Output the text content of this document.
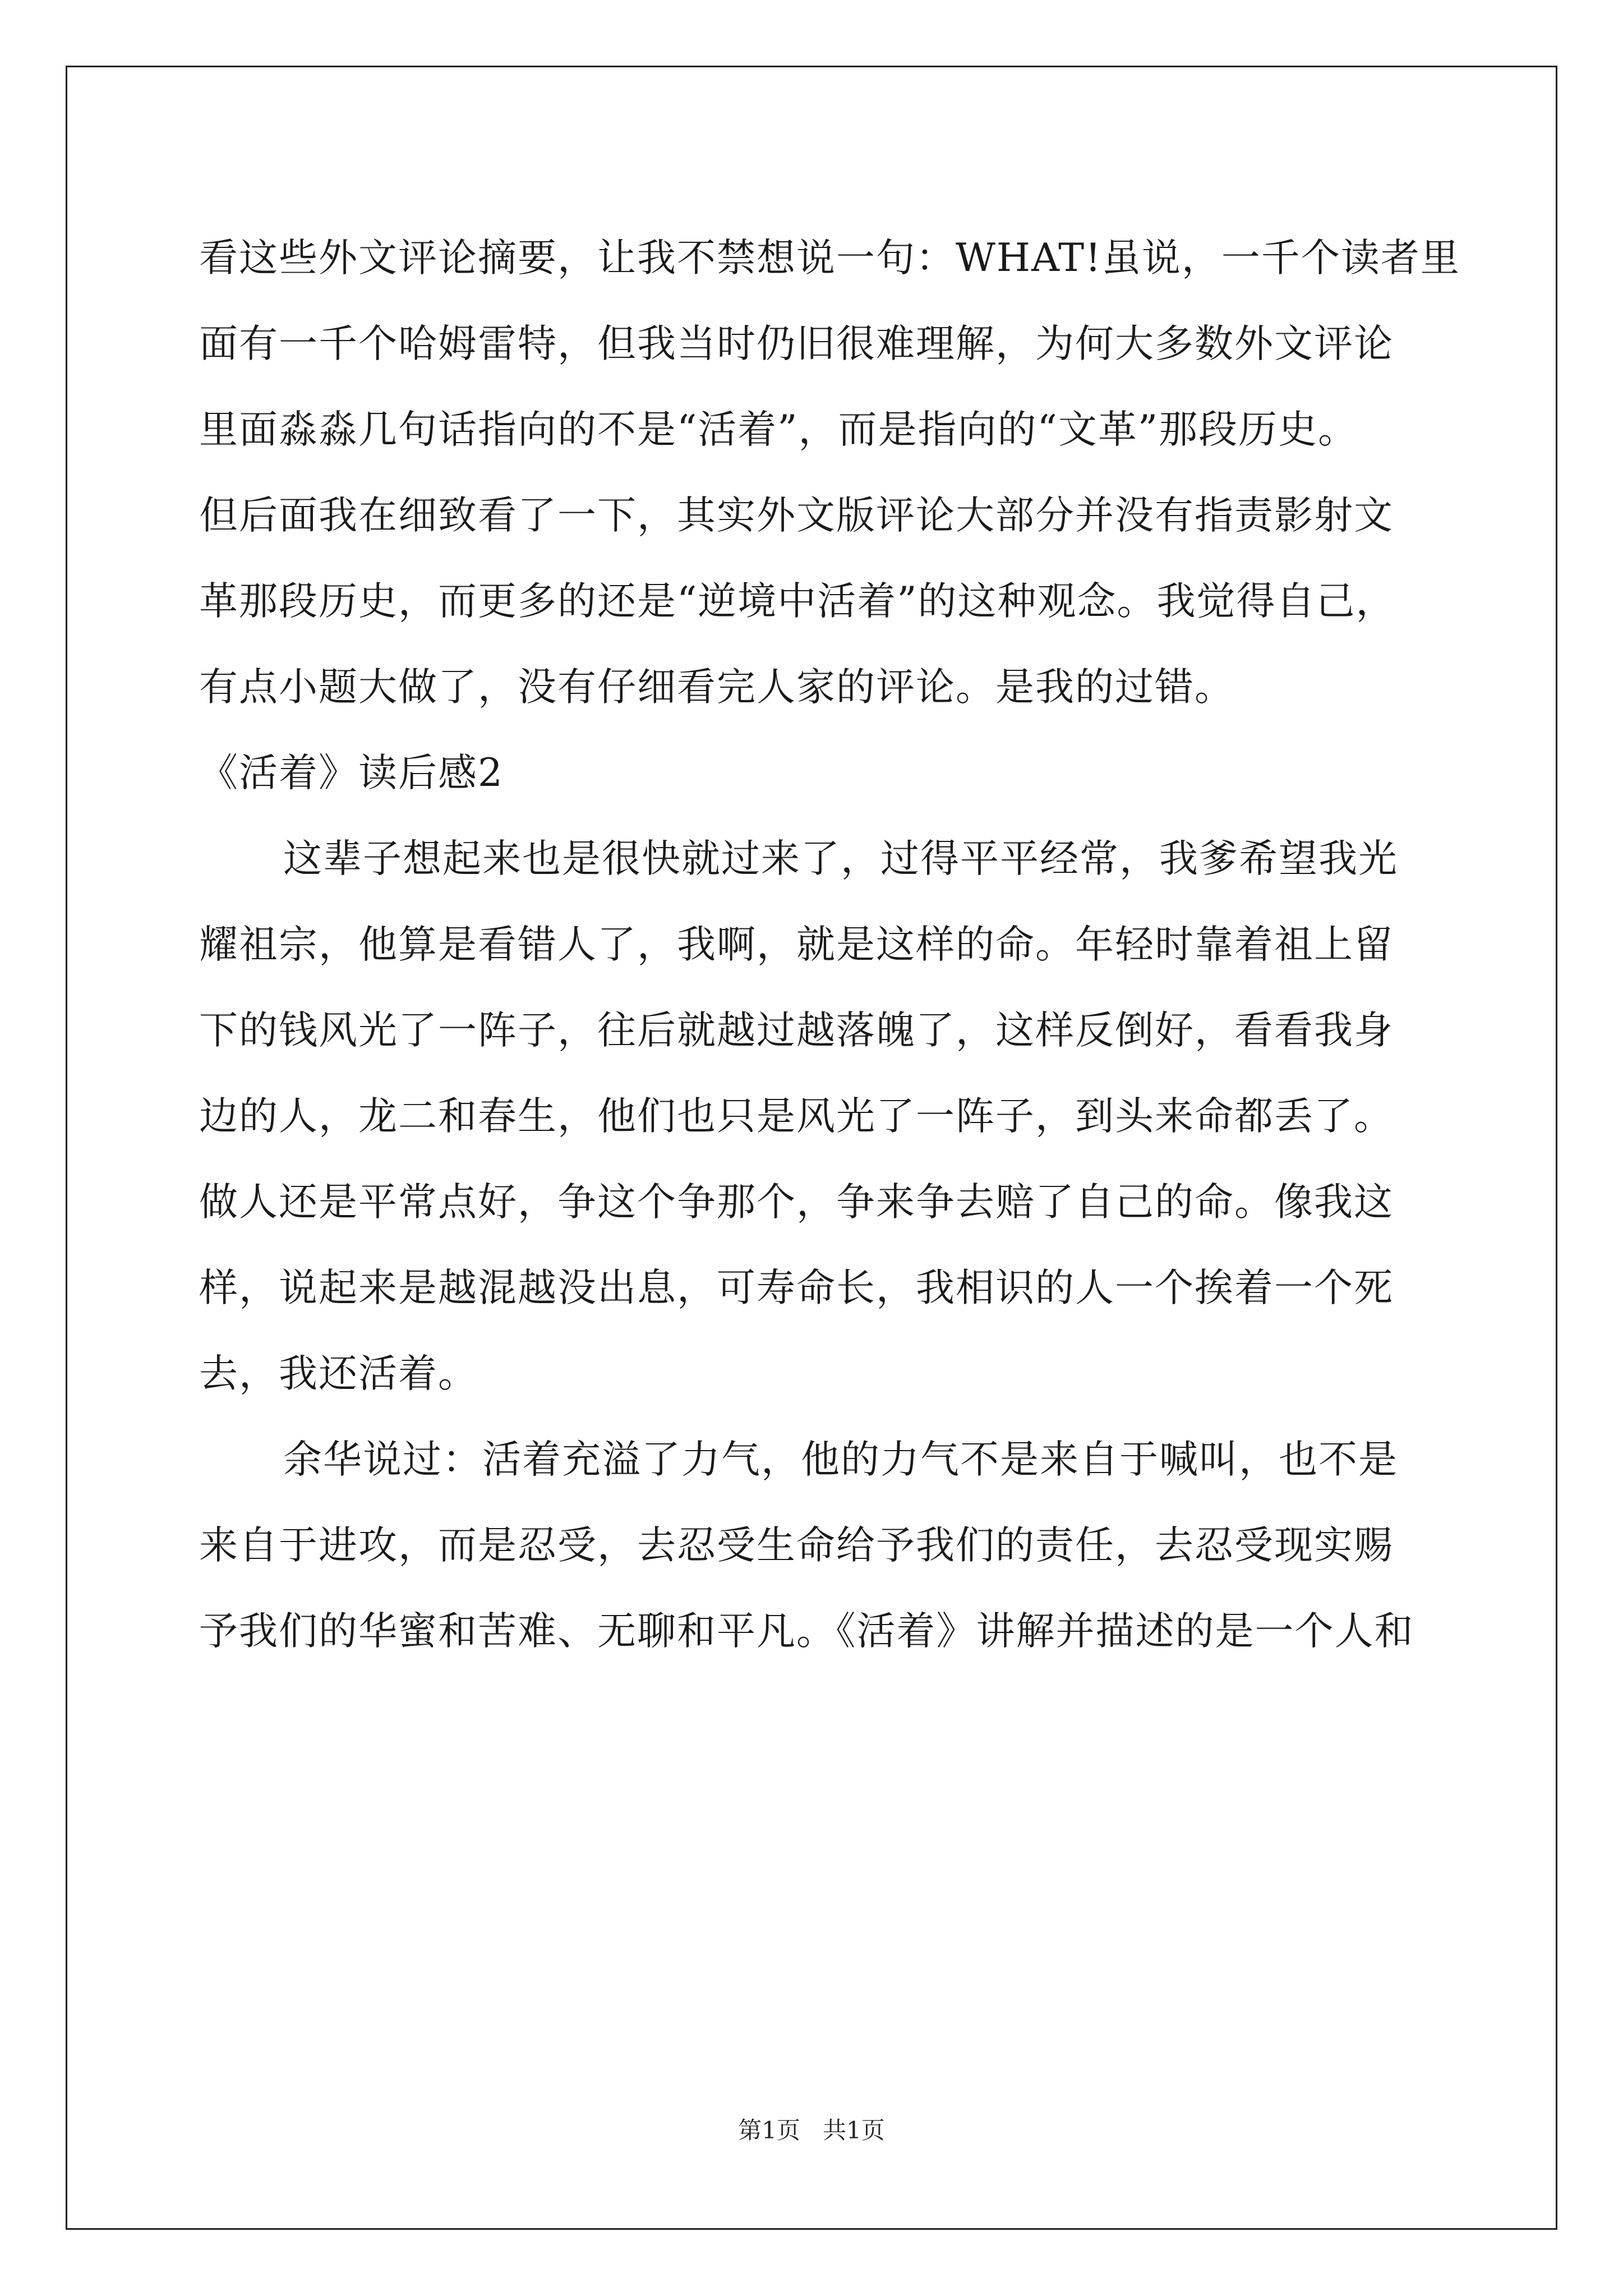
看这些外文评论摘要，让我不禁想说一句：WHAT!虽说，一千个读者里
面有一千个哈姆雷特，但我当时仍旧很难理解，为何大多数外文评论
里面淼淼几句话指向的不是“活着”，而是指向的“文革”那段历史。
但后面我在细致看了一下，其实外文版评论大部分并没有指责影射文
革那段历史，而更多的还是“逆境中活着”的这种观念。我觉得自己，
有点小题大做了，没有仔细看完人家的评论。是我的过错。
《活着》读后感2
这辈子想起来也是很快就过来了，过得平平经常，我爹希望我光
耀祖宗，他算是看错人了，我啊，就是这样的命。年轻时靠着祖上留
下的钱风光了一阵子，往后就越过越落魄了，这样反倒好，看看我身
边的人，龙二和春生，他们也只是风光了一阵子，到头来命都丢了。
做人还是平常点好，争这个争那个，争来争去赔了自己的命。像我这
样，说起来是越混越没出息，可寿命长，我相识的人一个挨着一个死
去，我还活着。
余华说过：活着充溢了力气，他的力气不是来自于喊叫，也不是
来自于进攻，而是忍受，去忍受生命给予我们的责任，去忍受现实赐
予我们的华蜜和苦难、无聊和平凡。《活着》讲解并描述的是一个人和
第1页 共1页
